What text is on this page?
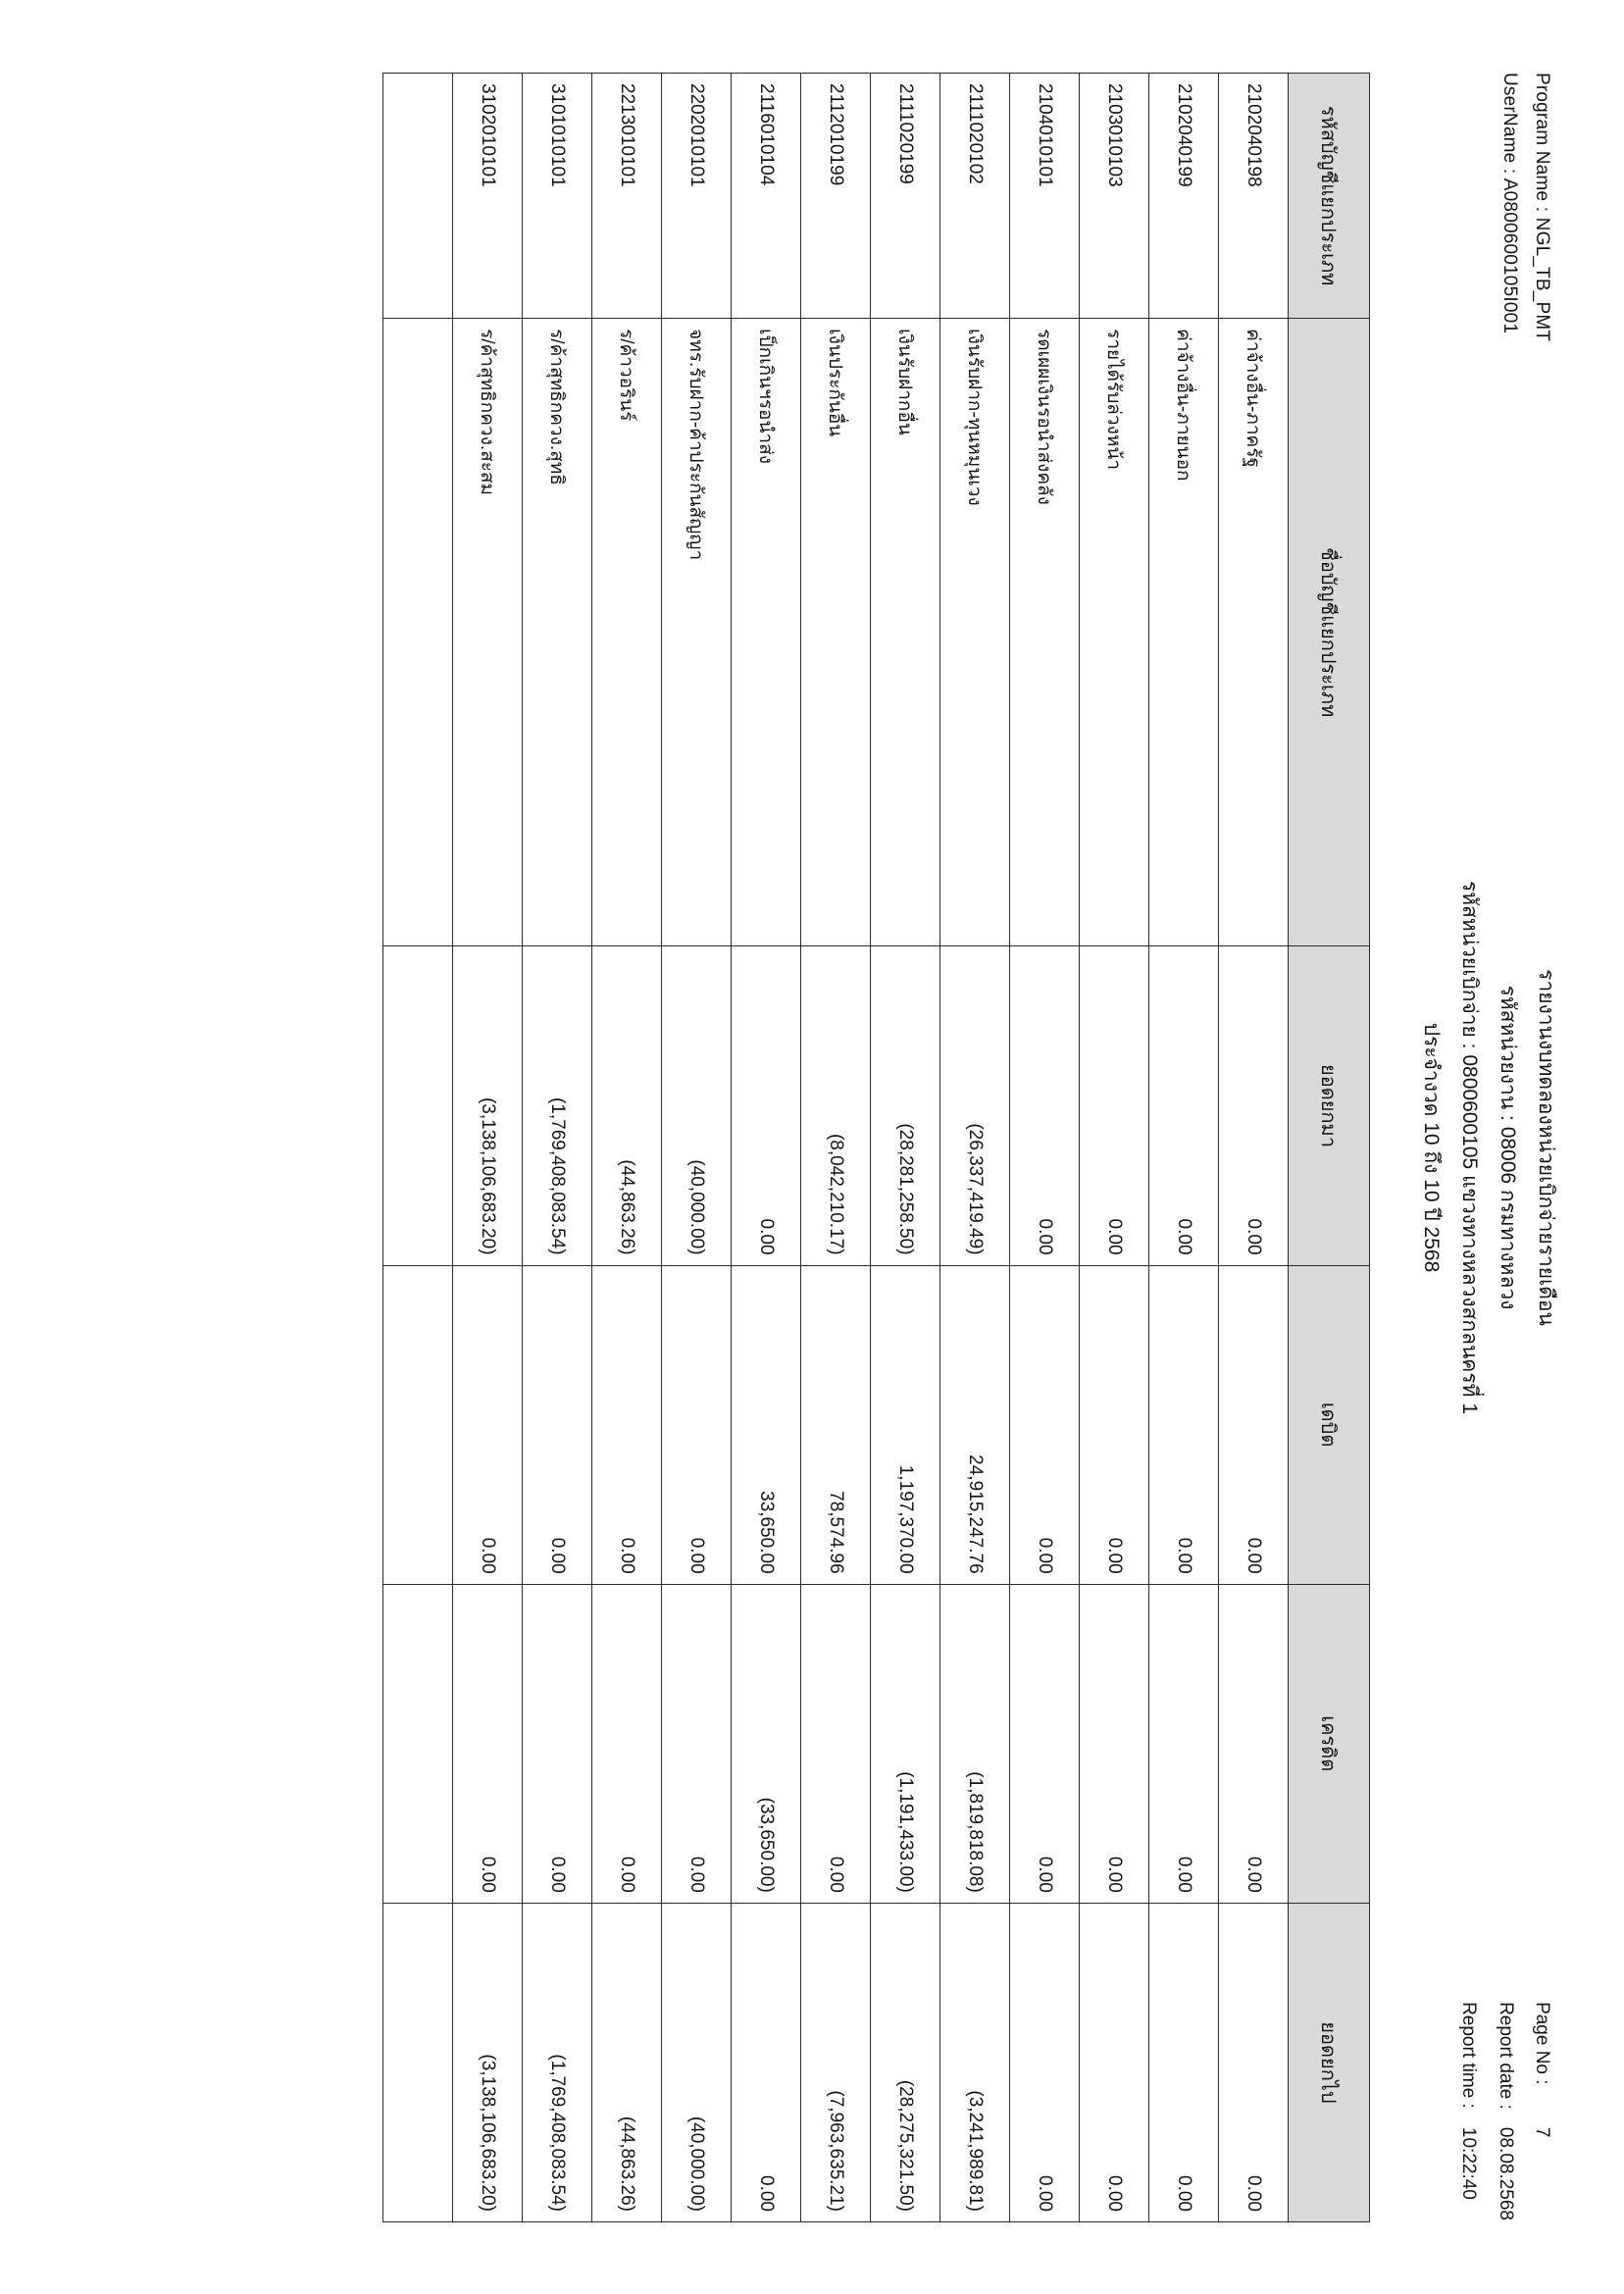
Program Name : NGL_TB_PMT
UserName : A0800600105I001
รายงานงบทดลองหน่วยเบิกจ่ายรายเดือน
รหัสหน่วยงาน : 08006 กรมทางหลวง
รหัสหน่วยเบิกจ่าย : 0800600105 แขวงทางหลวงสกลนครที่ 1
ประจำงวด 10 ถึง 10 ปี 2568
Page No :	7
Report date :	08.08.2568
Report time :	10:22:40
รหัสบัญชีแยกประเภท	ชื่อบัญชีแยกประเภท	ยอดยกมา	เดบิต	เครดิต	ยอดยกไป
2102040198	ค่าจ้างอื่น-ภาครัฐ	0.00	0.00	0.00	0.00
2102040199	ค่าจ้างอื่น-ภายนอก	0.00	0.00	0.00	0.00
2103010103	รายได้รับล่วงหน้า	0.00	0.00	0.00	0.00
2104010101	รดเผผเงินรอนำส่งคลัง	0.00	0.00	0.00	0.00
2111020102	เงินรับฝาก-ทุนหมุนเวง	(26,337,419.49)	24,915,247.76	(1,819,818.08)	(3,241,989.81)
2111020199	เงินรับฝากอื่น	(28,281,258.50)	1,197,370.00	(1,191,433.00)	(28,275,321.50)
2112010199	เงินประกันอื่น	(8,042,210.17)	78,574.96	0.00	(7,963,635.21)
2116010104	เป็กเกินฯรอนำส่ง	0.00	33,650.00	(33,650.00)	0.00
2202010101	จทร.รับฝาก-ค้าประกันสัญญา	(40,000.00)	0.00	0.00	(40,000.00)
2213010101	ร/ค้าวอรินร์	(44,863.26)	0.00	0.00	(44,863.26)
3101010101	ร/ค้าสุทธิกควง.สุทธิ	(1,769,408,083.54)	0.00	0.00	(1,769,408,083.54)
3102010101	ร/ค้าสุทธิกควง.สะสม	(3,138,106,683.20)	0.00	0.00	(3,138,106,683.20)
